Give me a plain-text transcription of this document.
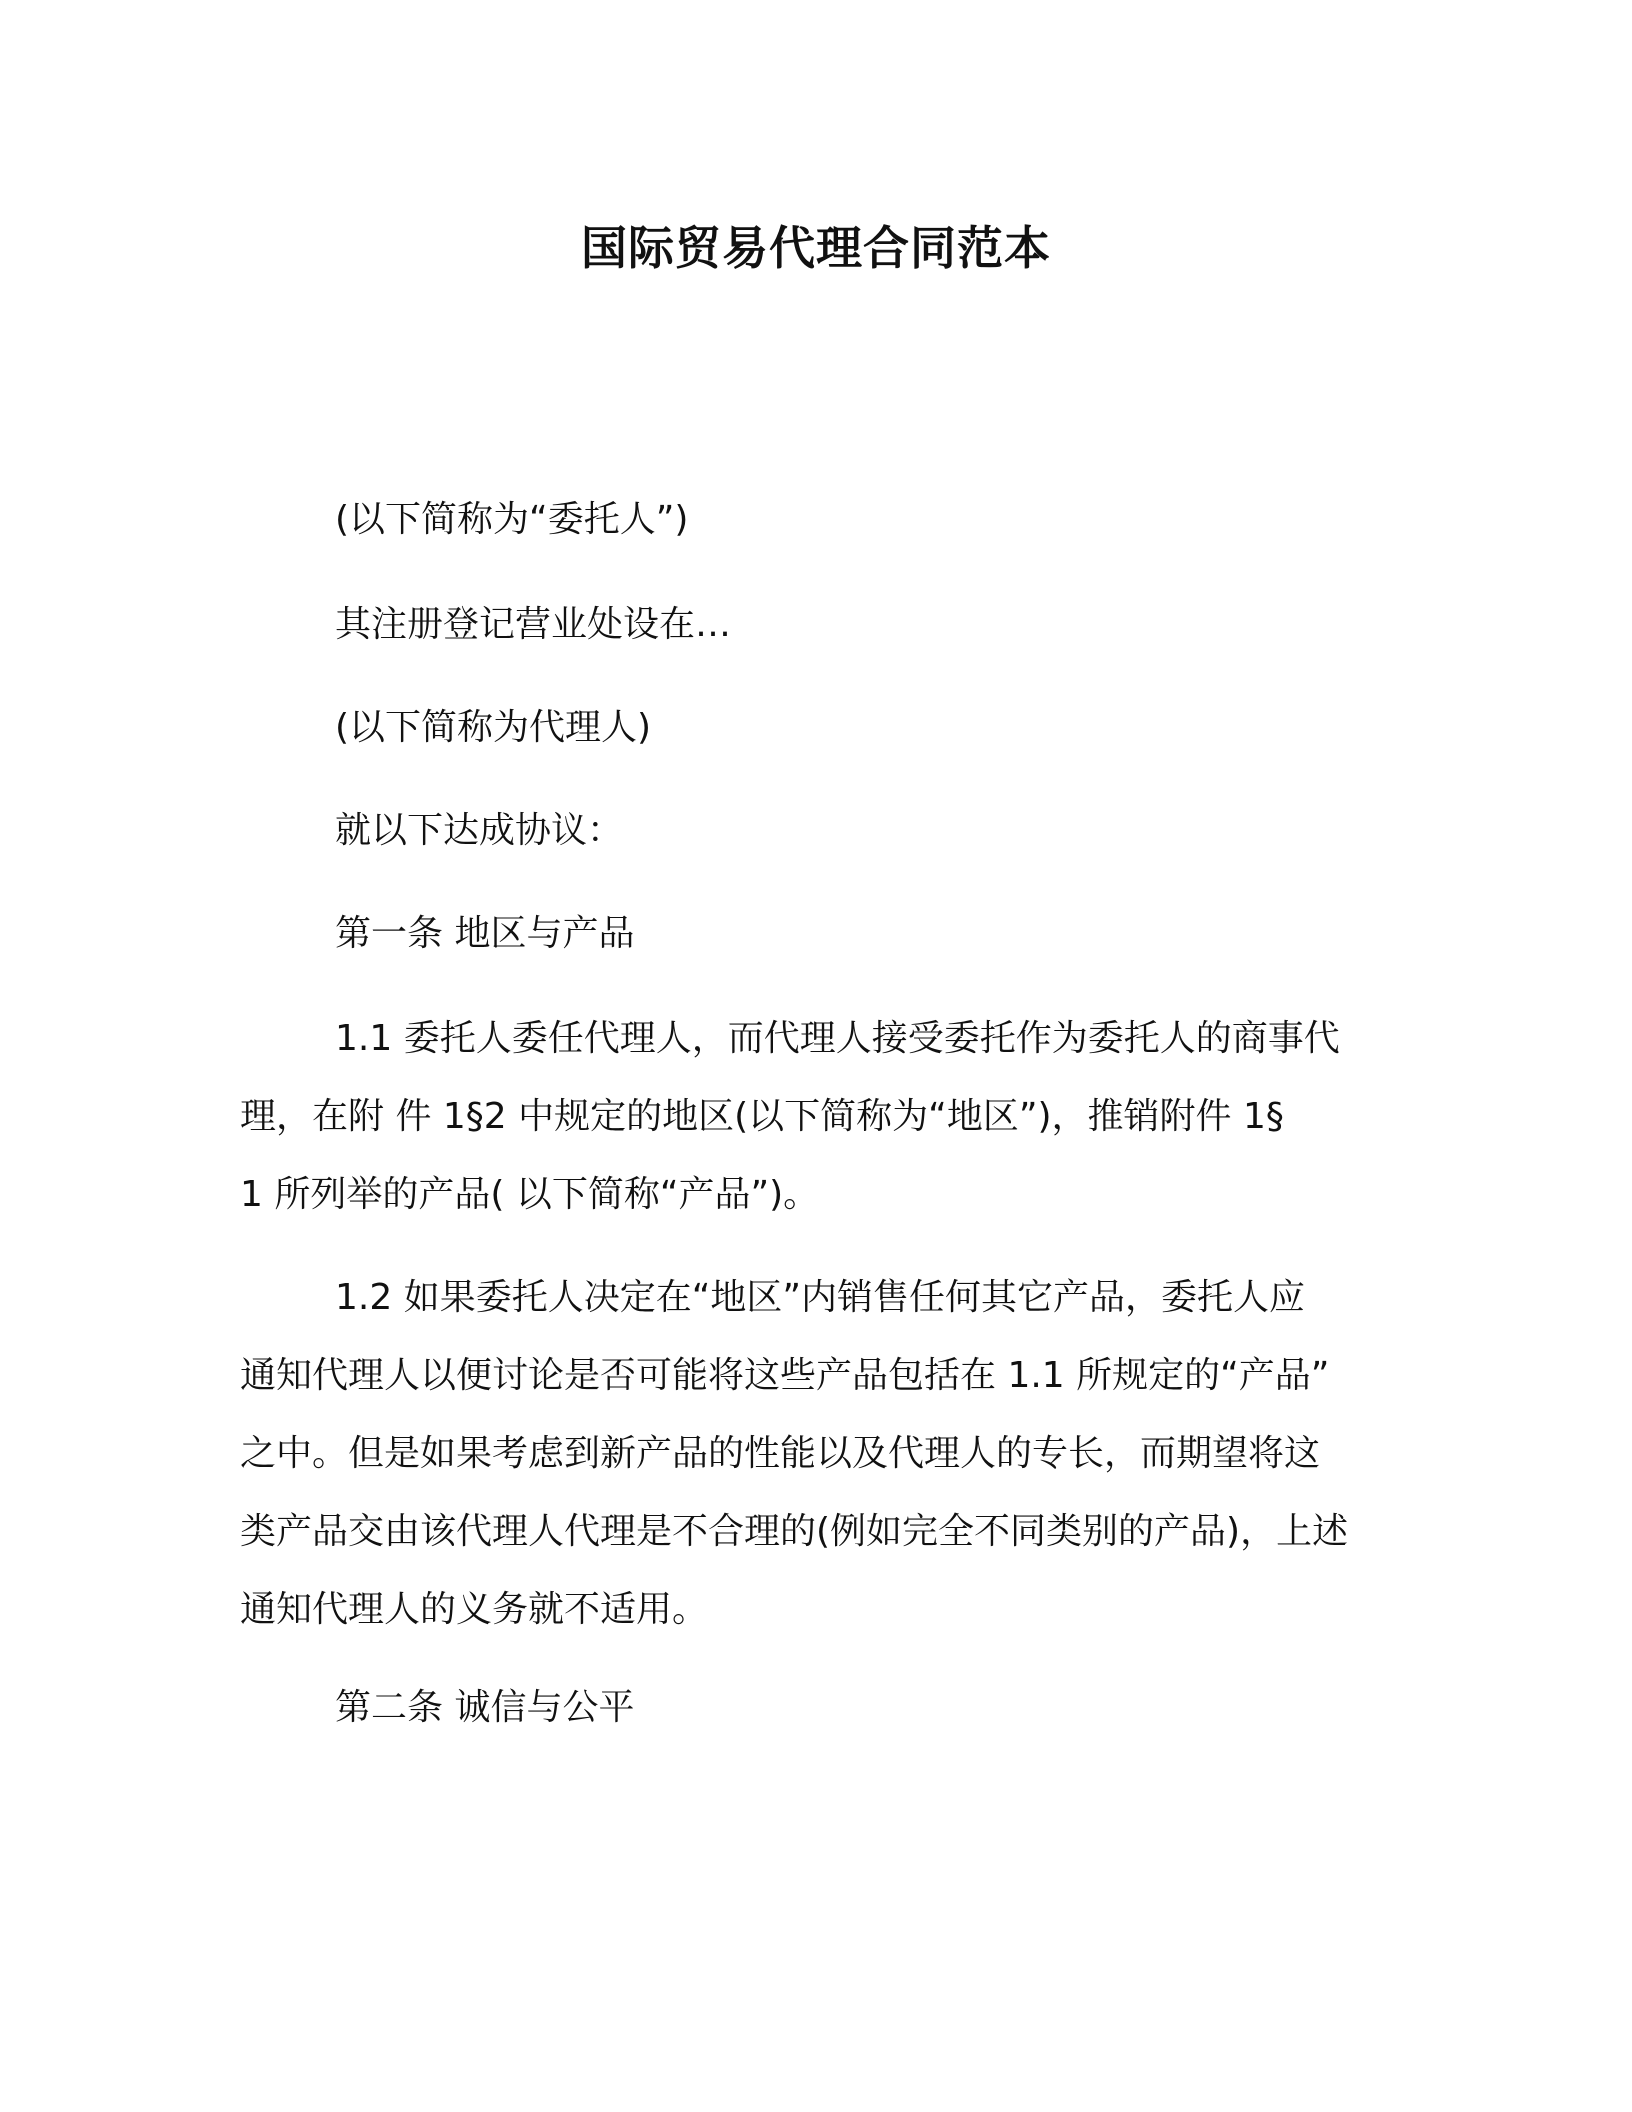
国际贸易代理合同范本
(以下简称为“委托人”)
其注册登记营业处设在…
(以下简称为代理人)
就以下达成协议：
第一条 地区与产品
1.1 委托人委任代理人，而代理人接受委托作为委托人的商事代
理，在附 件 1§2 中规定的地区(以下简称为“地区”)，推销附件 1§
1 所列举的产品( 以下简称“产品”)。
1.2 如果委托人决定在“地区”内销售任何其它产品，委托人应
通知代理人以便讨论是否可能将这些产品包括在 1.1 所规定的“产品”
之中。但是如果考虑到新产品的性能以及代理人的专长，而期望将这
类产品交由该代理人代理是不合理的(例如完全不同类别的产品)，上述
通知代理人的义务就不适用。
第二条 诚信与公平
